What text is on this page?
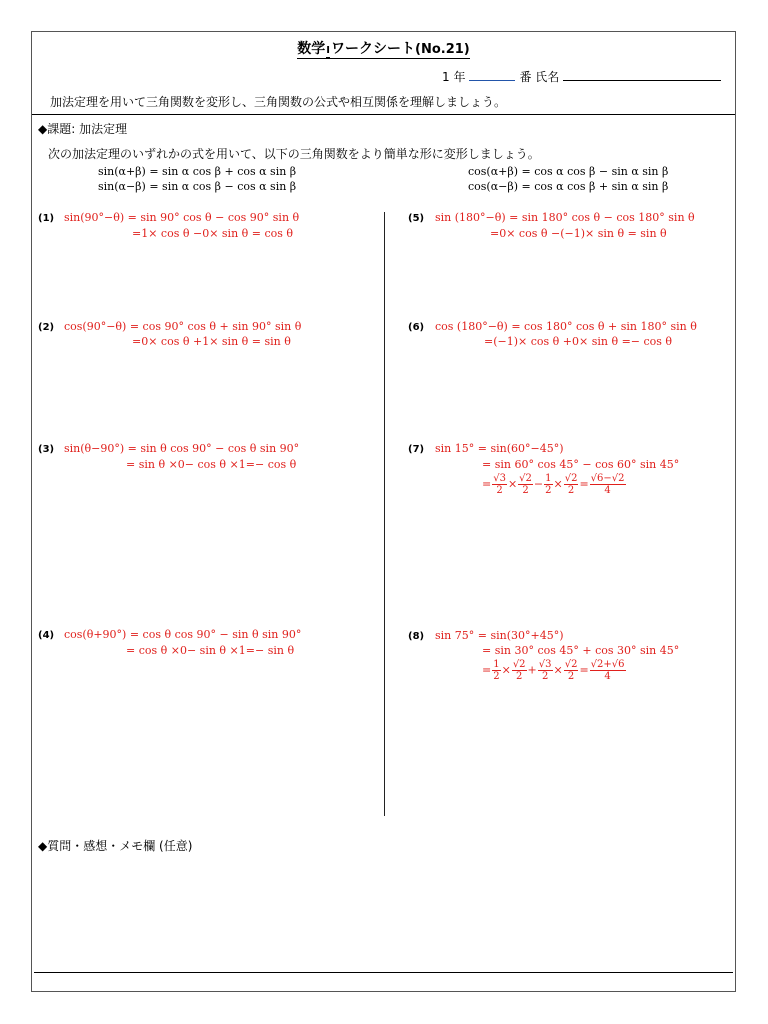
数学Iワークシート(No.21)
1 年	番 氏名
加法定理を用いて三角関数を変形し、三角関数の公式や相互関係を理解しましょう。
◆課題: 加法定理
次の加法定理のいずれかの式を用いて、以下の三角関数をより簡単な形に変形しましょう。
sin(α+β) = sin α cos β + cos α sin β
sin(α−β) = sin α cos β − cos α sin β
cos(α+β) = cos α cos β − sin α sin β
cos(α−β) = cos α cos β + sin α sin β
(1) sin(90°−θ) = sin 90° cos θ − cos 90° sin θ
=1× cos θ −0× sin θ = cos θ
(2) cos(90°−θ) = cos 90° cos θ + sin 90° sin θ
=0× cos θ +1× sin θ = sin θ
(3) sin(θ−90°) = sin θ cos 90° − cos θ sin 90°
= sin θ ×0− cos θ ×1=− cos θ
(4) cos(θ+90°) = cos θ cos 90° − sin θ sin 90°
= cos θ ×0− sin θ ×1=− sin θ
(5) sin (180°−θ) = sin 180° cos θ − cos 180° sin θ
=0× cos θ −(−1)× sin θ = sin θ
(6) cos (180°−θ) = cos 180° cos θ + sin 180° sin θ
=(−1)× cos θ +0× sin θ =− cos θ
(7) sin 15° = sin(60°−45°)
= sin 60° cos 45° − cos 60° sin 45°
= $\frac{√3}{2} \times \frac{√2}{2} - \frac{1}{2} \times \frac{√2}{2} = \frac{√6-√2}{4}$
(8) sin 75° = sin(30°+45°)
= sin 30° cos 45° + cos 30° sin 45°
= $\frac{1}{2} \times \frac{√2}{2} + \frac{√3}{2} \times \frac{√2}{2} = \frac{√2+√6}{4}$
◆質問・感想・メモ欄 (任意)
